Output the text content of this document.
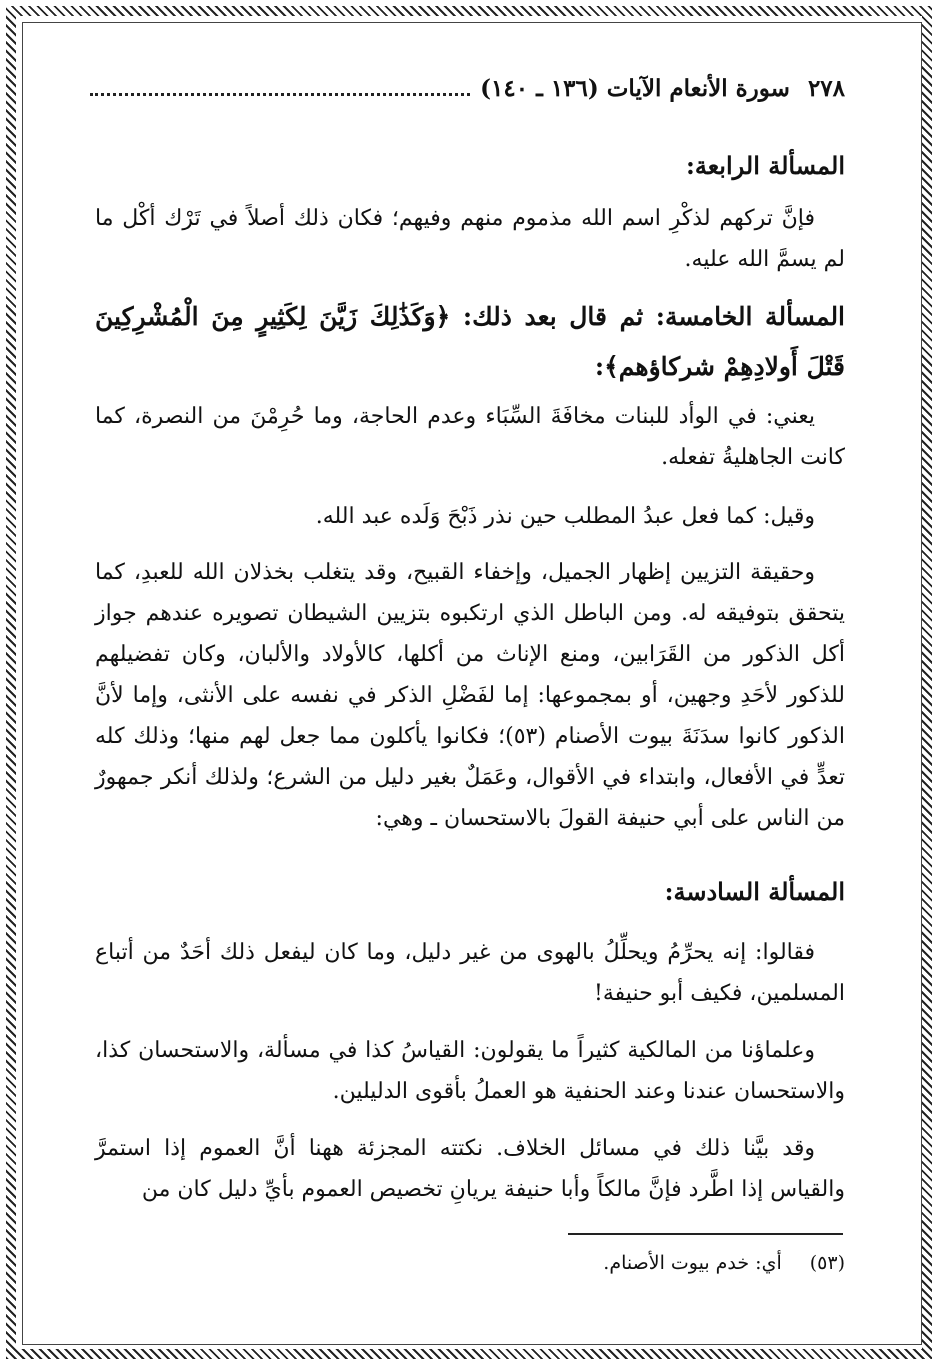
٢٧٨
سورة الأنعام الآيات (١٣٦ ـ ١٤٠)

المسألة الرابعة:

فإنَّ تركهم لذكْرِ اسم الله مذموم منهم وفيهم؛ فكان ذلك أصلاً في تَرْك أكْل ما لم يسمَّ الله عليه.

المسألة الخامسة: ثم قال بعد ذلك: ﴿وَكَذَٰلِكَ زَيَّنَ لِكَثِيرٍ مِنَ الْمُشْرِكِينَ قَتْلَ أَولادِهِمْ شركاؤهم﴾:

يعني: في الوأد للبنات مخافَةَ السِّبَاء وعدم الحاجة، وما حُرِمْنَ من النصرة، كما كانت الجاهليةُ تفعله.

وقيل: كما فعل عبدُ المطلب حين نذر ذَبْحَ وَلَده عبد الله.

وحقيقة التزيين إظهار الجميل، وإخفاء القبيح، وقد يتغلب بخذلان الله للعبدِ، كما يتحقق بتوفيقه له. ومن الباطل الذي ارتكبوه بتزيين الشيطان تصويره عندهم جواز أكل الذكور من القَرَابين، ومنع الإناث من أكلها، كالأولاد والألبان، وكان تفضيلهم للذكور لأحَدِ وجهين، أو بمجموعها: إما لفَضْلِ الذكر في نفسه على الأنثى، وإما لأنَّ الذكور كانوا سدَنَةَ بيوت الأصنام (٥٣)؛ فكانوا يأكلون مما جعل لهم منها؛ وذلك كله تعدٍّ في الأفعال، وابتداء في الأقوال، وعَمَلٌ بغير دليل من الشرع؛ ولذلك أنكر جمهورٌ من الناس على أبي حنيفة القولَ بالاستحسان ـ وهي:

المسألة السادسة:

فقالوا: إنه يحرِّمُ ويحلِّلُ بالهوى من غير دليل، وما كان ليفعل ذلك أحَدٌ من أتباع المسلمين، فكيف أبو حنيفة!

وعلماؤنا من المالكية كثيراً ما يقولون: القياسُ كذا في مسألة، والاستحسان كذا، والاستحسان عندنا وعند الحنفية هو العملُ بأقوى الدليلين.

وقد بيَّنا ذلك في مسائل الخلاف. نكتته المجزئة ههنا أنَّ العموم إذا استمرَّ والقياس إذا اطَّرد فإنَّ مالكاً وأبا حنيفة يريانِ تخصيص العموم بأيِّ دليل كان من

(٥٣)أي: خدم بيوت الأصنام.
